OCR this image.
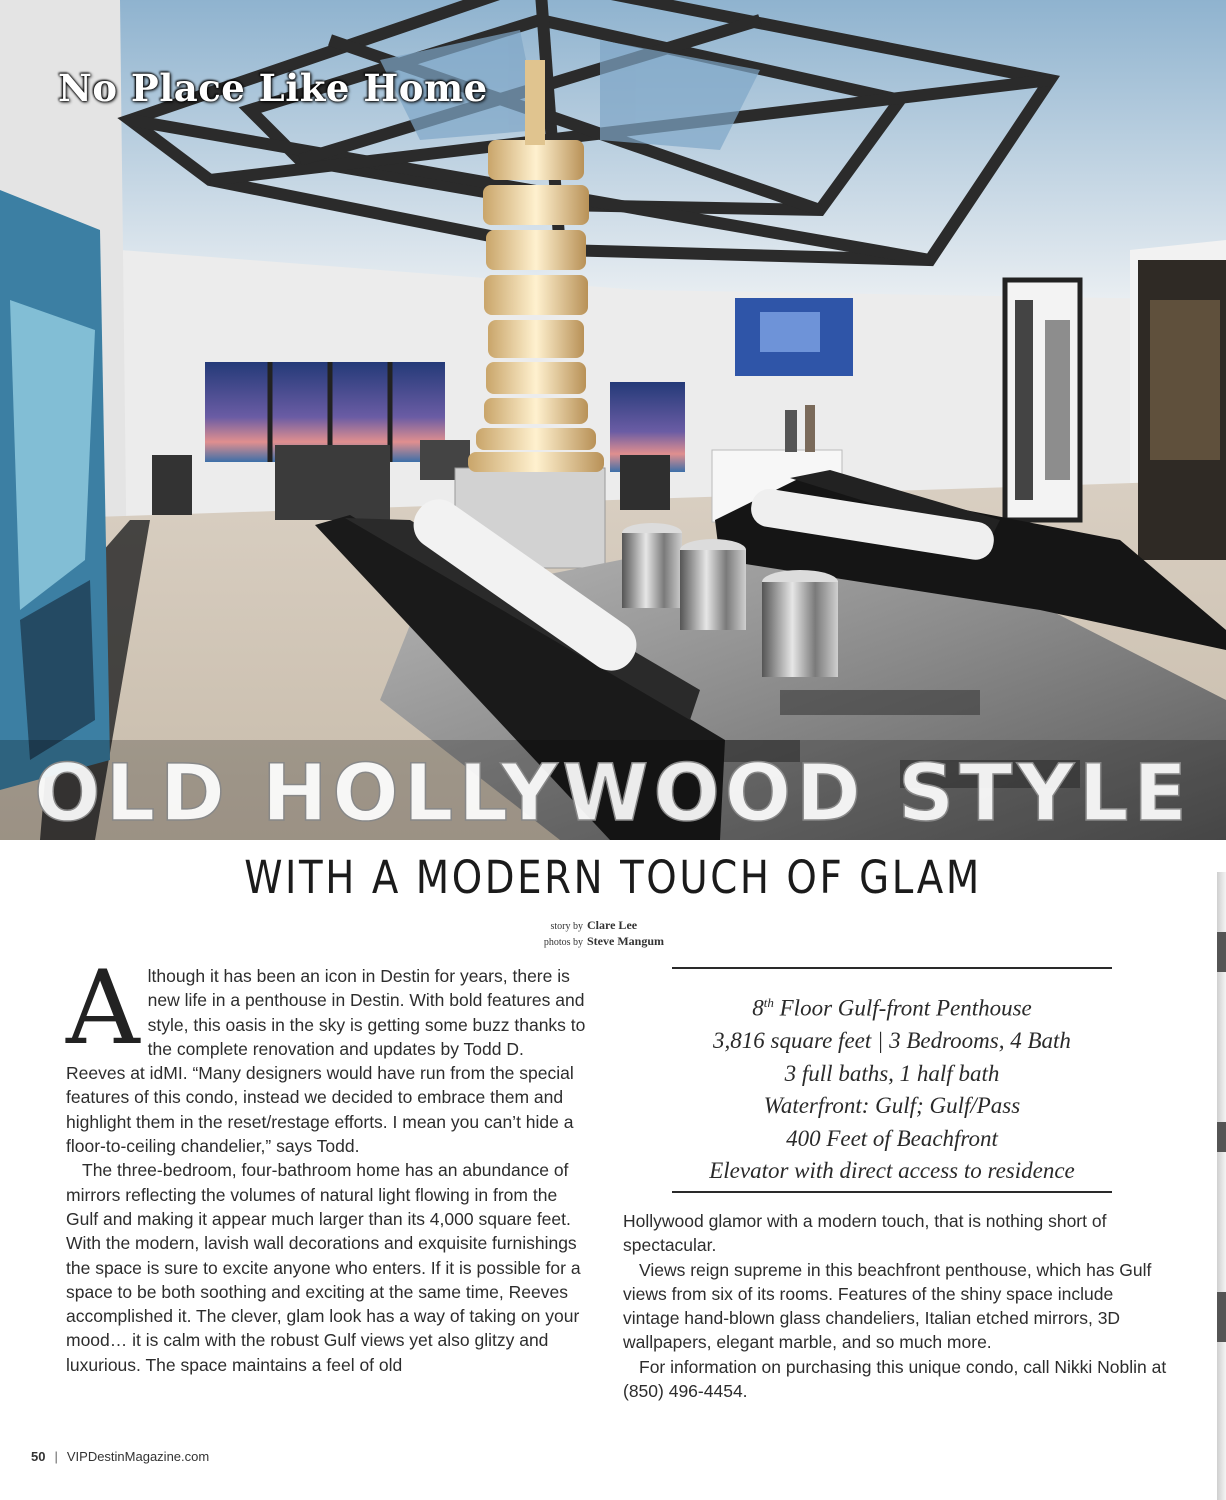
No Place Like Home
OLD HOLLYWOOD STYLE
WITH A MODERN TOUCH OF GLAM
story by Clare Lee
photos by Steve Mangum

Although it has been an icon in Destin for years, there is new life in a penthouse in Destin. With bold features and style, this oasis in the sky is getting some buzz thanks to the complete renovation and updates by Todd D. Reeves at idMI. “Many designers would have run from the special features of this condo, instead we decided to embrace them and highlight them in the reset/restage efforts. I mean you can’t hide a floor-to-ceiling chandelier,” says Todd.

The three-bedroom, four-bathroom home has an abundance of mirrors reflecting the volumes of natural light flowing in from the Gulf and making it appear much larger than its 4,000 square feet. With the modern, lavish wall decorations and exquisite furnishings the space is sure to excite anyone who enters. If it is possible for a space to be both soothing and exciting at the same time, Reeves accomplished it. The clever, glam look has a way of taking on your mood… it is calm with the robust Gulf views yet also glitzy and luxurious. The space maintains a feel of old

8th Floor Gulf-front Penthouse

3,816 square feet | 3 Bedrooms, 4 Bath

3 full baths, 1 half bath

Waterfront: Gulf; Gulf/Pass

400 Feet of Beachfront

Elevator with direct access to residence

Hollywood glamor with a modern touch, that is nothing short of spectacular.

Views reign supreme in this beachfront penthouse, which has Gulf views from six of its rooms. Features of the shiny space include vintage hand-blown glass chandeliers, Italian etched mirrors, 3D wallpapers, elegant marble, and so much more.

For information on purchasing this unique condo, call Nikki Noblin at (850) 496-4454.

50 | VIPDestinMagazine.com
